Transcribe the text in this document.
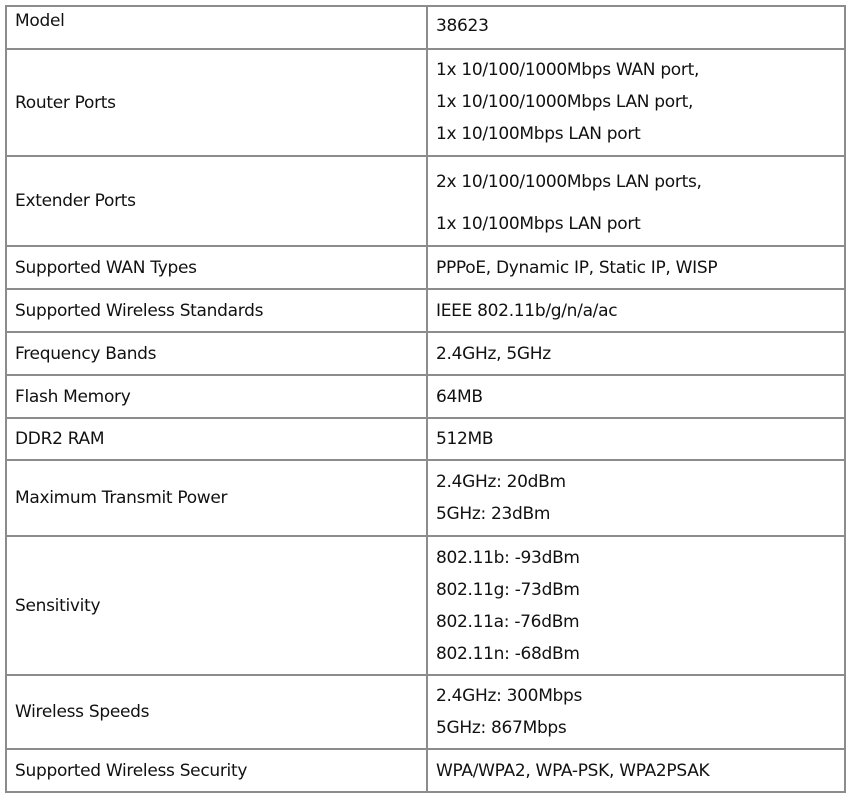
Model	38623

Router Ports	1x 10/100/1000Mbps WAN port,
1x 10/100/1000Mbps LAN port,
1x 10/100Mbps LAN port

Extender Ports	2x 10/100/1000Mbps LAN ports,
1x 10/100Mbps LAN port

Supported WAN Types	PPPoE, Dynamic IP, Static IP, WISP

Supported Wireless Standards	IEEE 802.11b/g/n/a/ac

Frequency Bands	2.4GHz, 5GHz

Flash Memory	64MB

DDR2 RAM	512MB

Maximum Transmit Power	2.4GHz: 20dBm
5GHz: 23dBm

Sensitivity	802.11b: -93dBm
802.11g: -73dBm
802.11a: -76dBm
802.11n: -68dBm

Wireless Speeds	2.4GHz: 300Mbps
5GHz: 867Mbps

Supported Wireless Security	WPA/WPA2, WPA-PSK, WPA2PSAK
